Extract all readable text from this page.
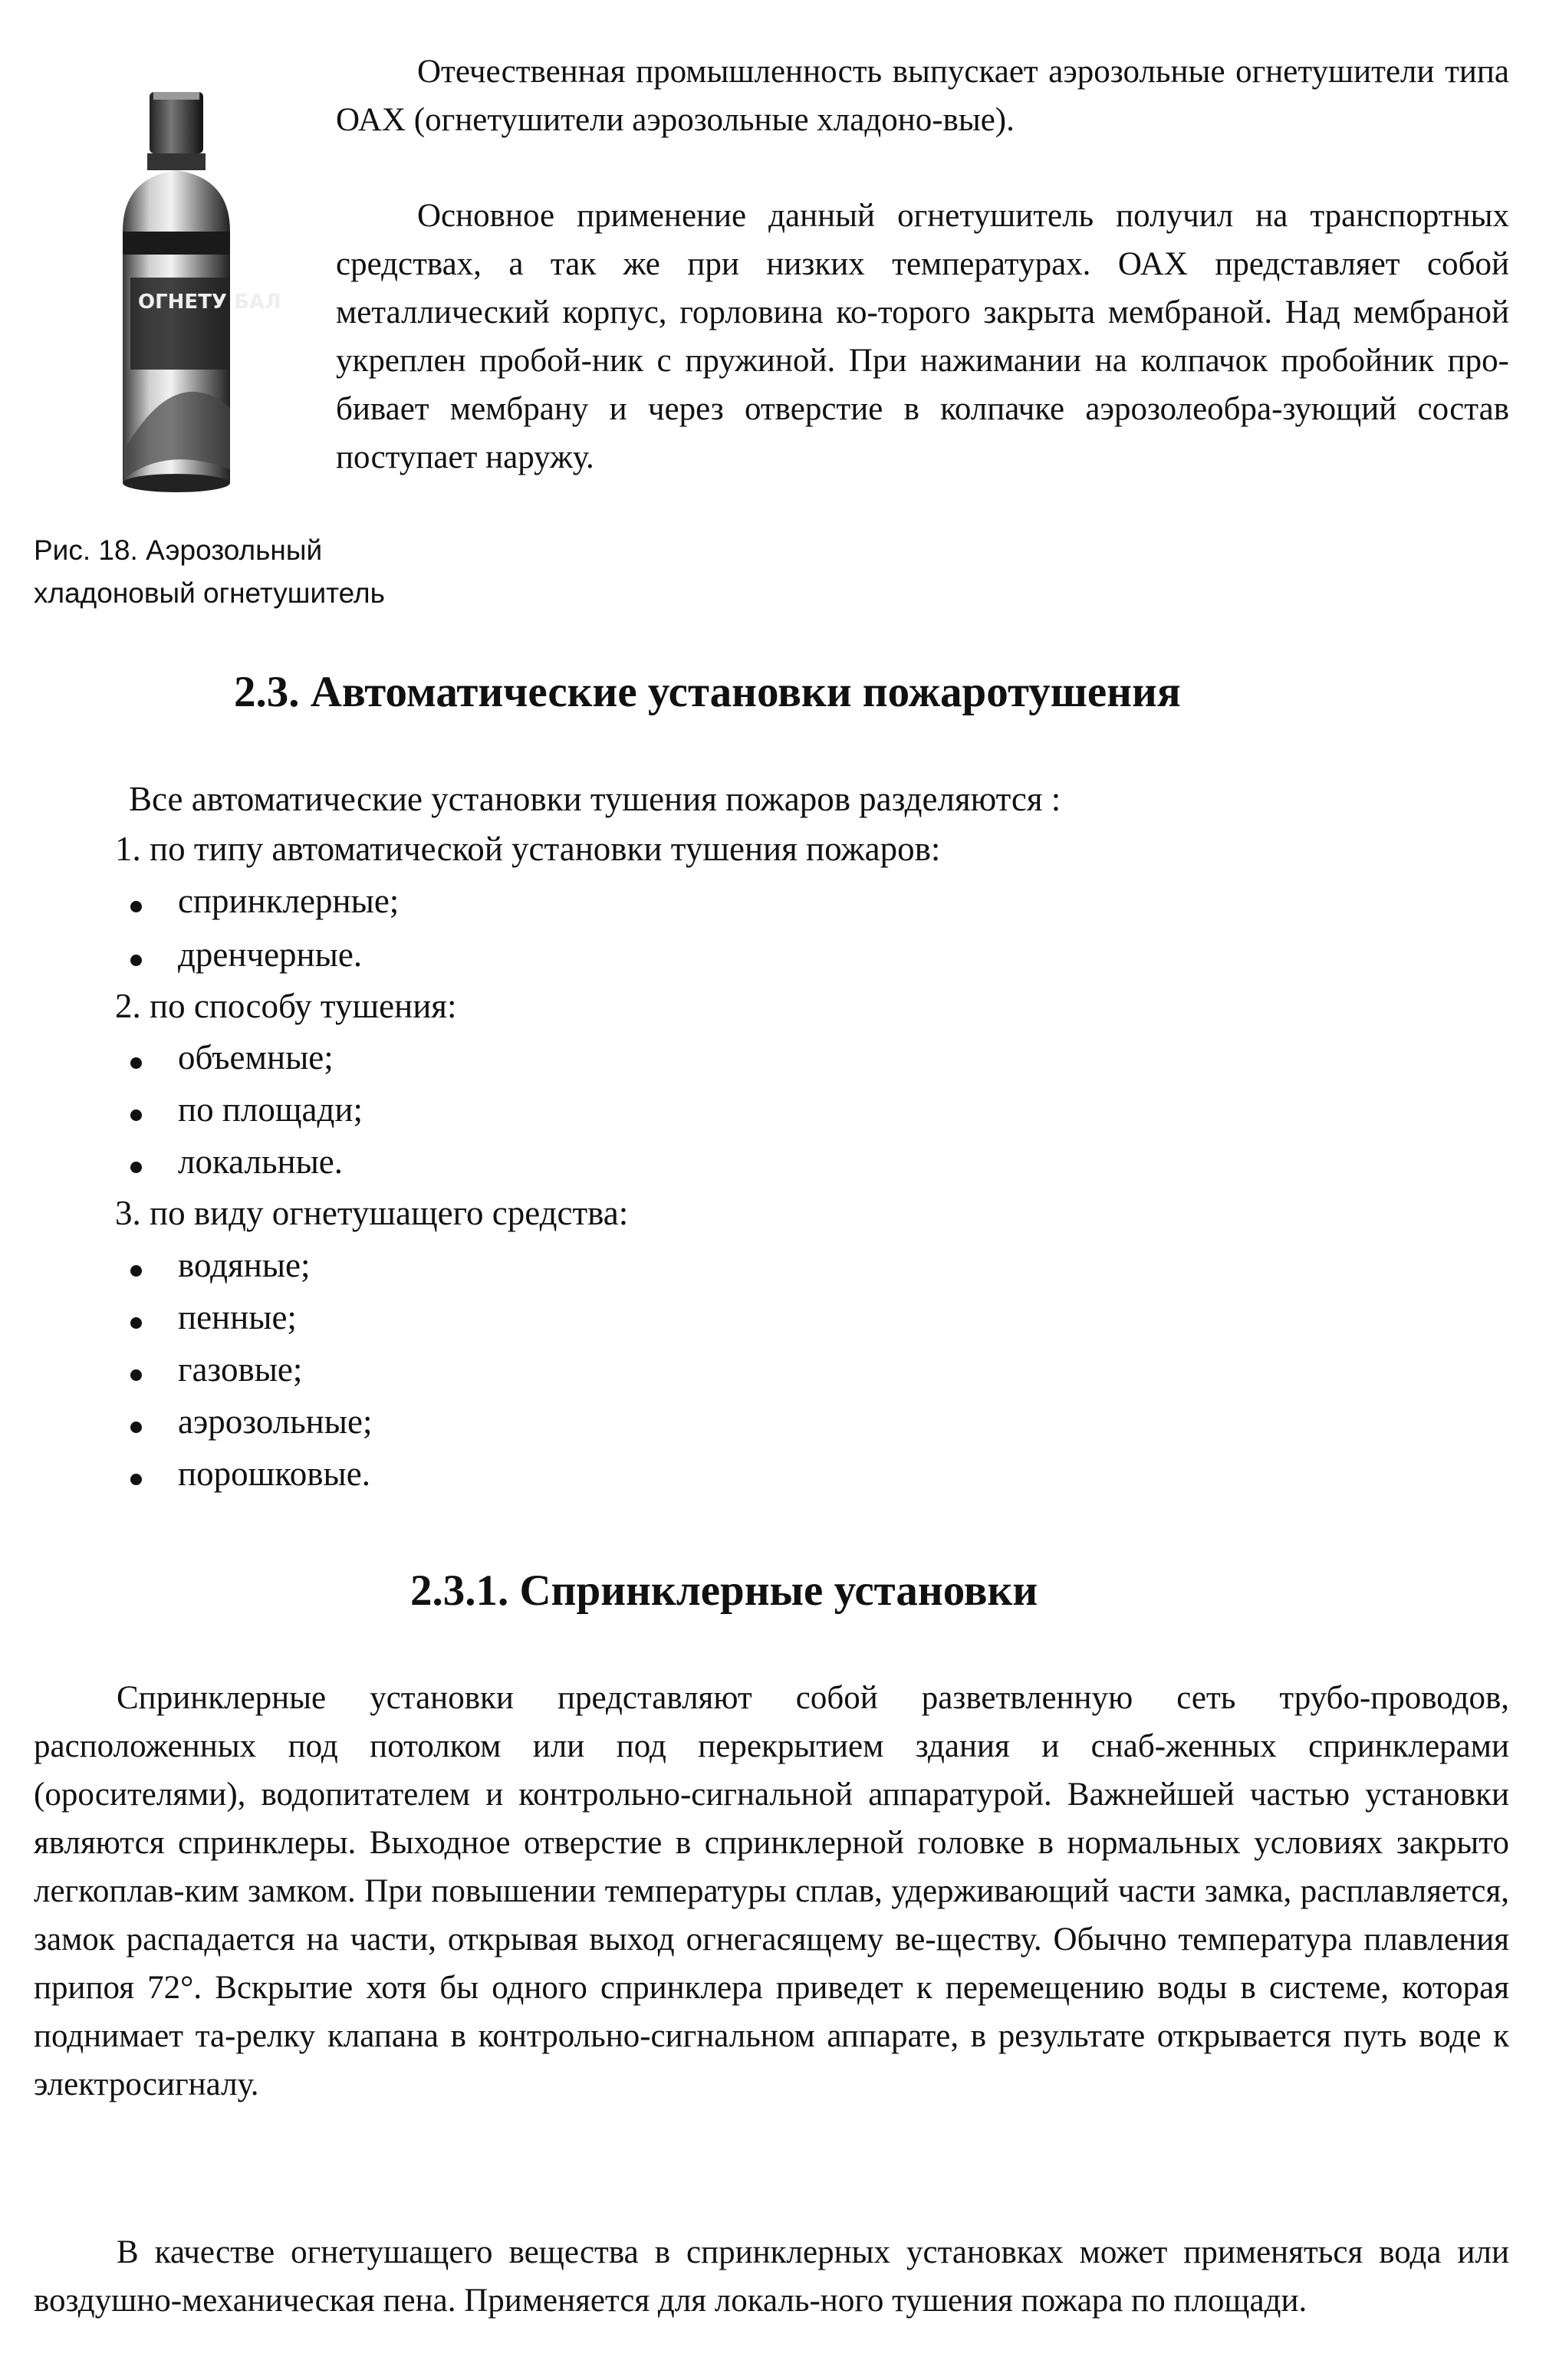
ОГНЕТУ БАЛ

Рис. 18. Аэрозольный
хладоновый огнетушитель

Отечественная промышленность выпускает аэрозольные огнетушители типа ОАХ (огнетушители аэрозольные хладоно-вые).

Основное применение данный огнетушитель получил на транспортных средствах, а так же при низких температурах. ОАХ представляет собой металлический корпус, горловина ко-торого закрыта мембраной. Над мембраной укреплен пробой-ник с пружиной. При нажимании на колпачок пробойник про-бивает мембрану и через отверстие в колпачке аэрозолеобра-зующий состав поступает наружу.

2.3. Автоматические установки пожаротушения

Все автоматические установки тушения пожаров разделяются :

1. по типу автоматической установки тушения пожаров:

спринклерные;

дренчерные.

2. по способу тушения:

объемные;

по площади;

локальные.

3. по виду огнетушащего средства:

водяные;

пенные;

газовые;

аэрозольные;

порошковые.

2.3.1. Спринклерные установки

Спринклерные установки представляют собой разветвленную сеть трубо-проводов, расположенных под потолком или под перекрытием здания и снаб-женных спринклерами (оросителями), водопитателем и контрольно-сигнальной аппаратурой. Важнейшей частью установки являются спринклеры. Выходное отверстие в спринклерной головке в нормальных условиях закрыто легкоплав-ким замком. При повышении температуры сплав, удерживающий части замка, расплавляется, замок распадается на части, открывая выход огнегасящему ве-ществу. Обычно температура плавления припоя 72°. Вскрытие хотя бы одного спринклера приведет к перемещению воды в системе, которая поднимает та-релку клапана в контрольно-сигнальном аппарате, в результате открывается путь воде к электросигналу.

В качестве огнетушащего вещества в спринклерных установках может применяться вода или воздушно-механическая пена. Применяется для локаль-ного тушения пожара по площади.
